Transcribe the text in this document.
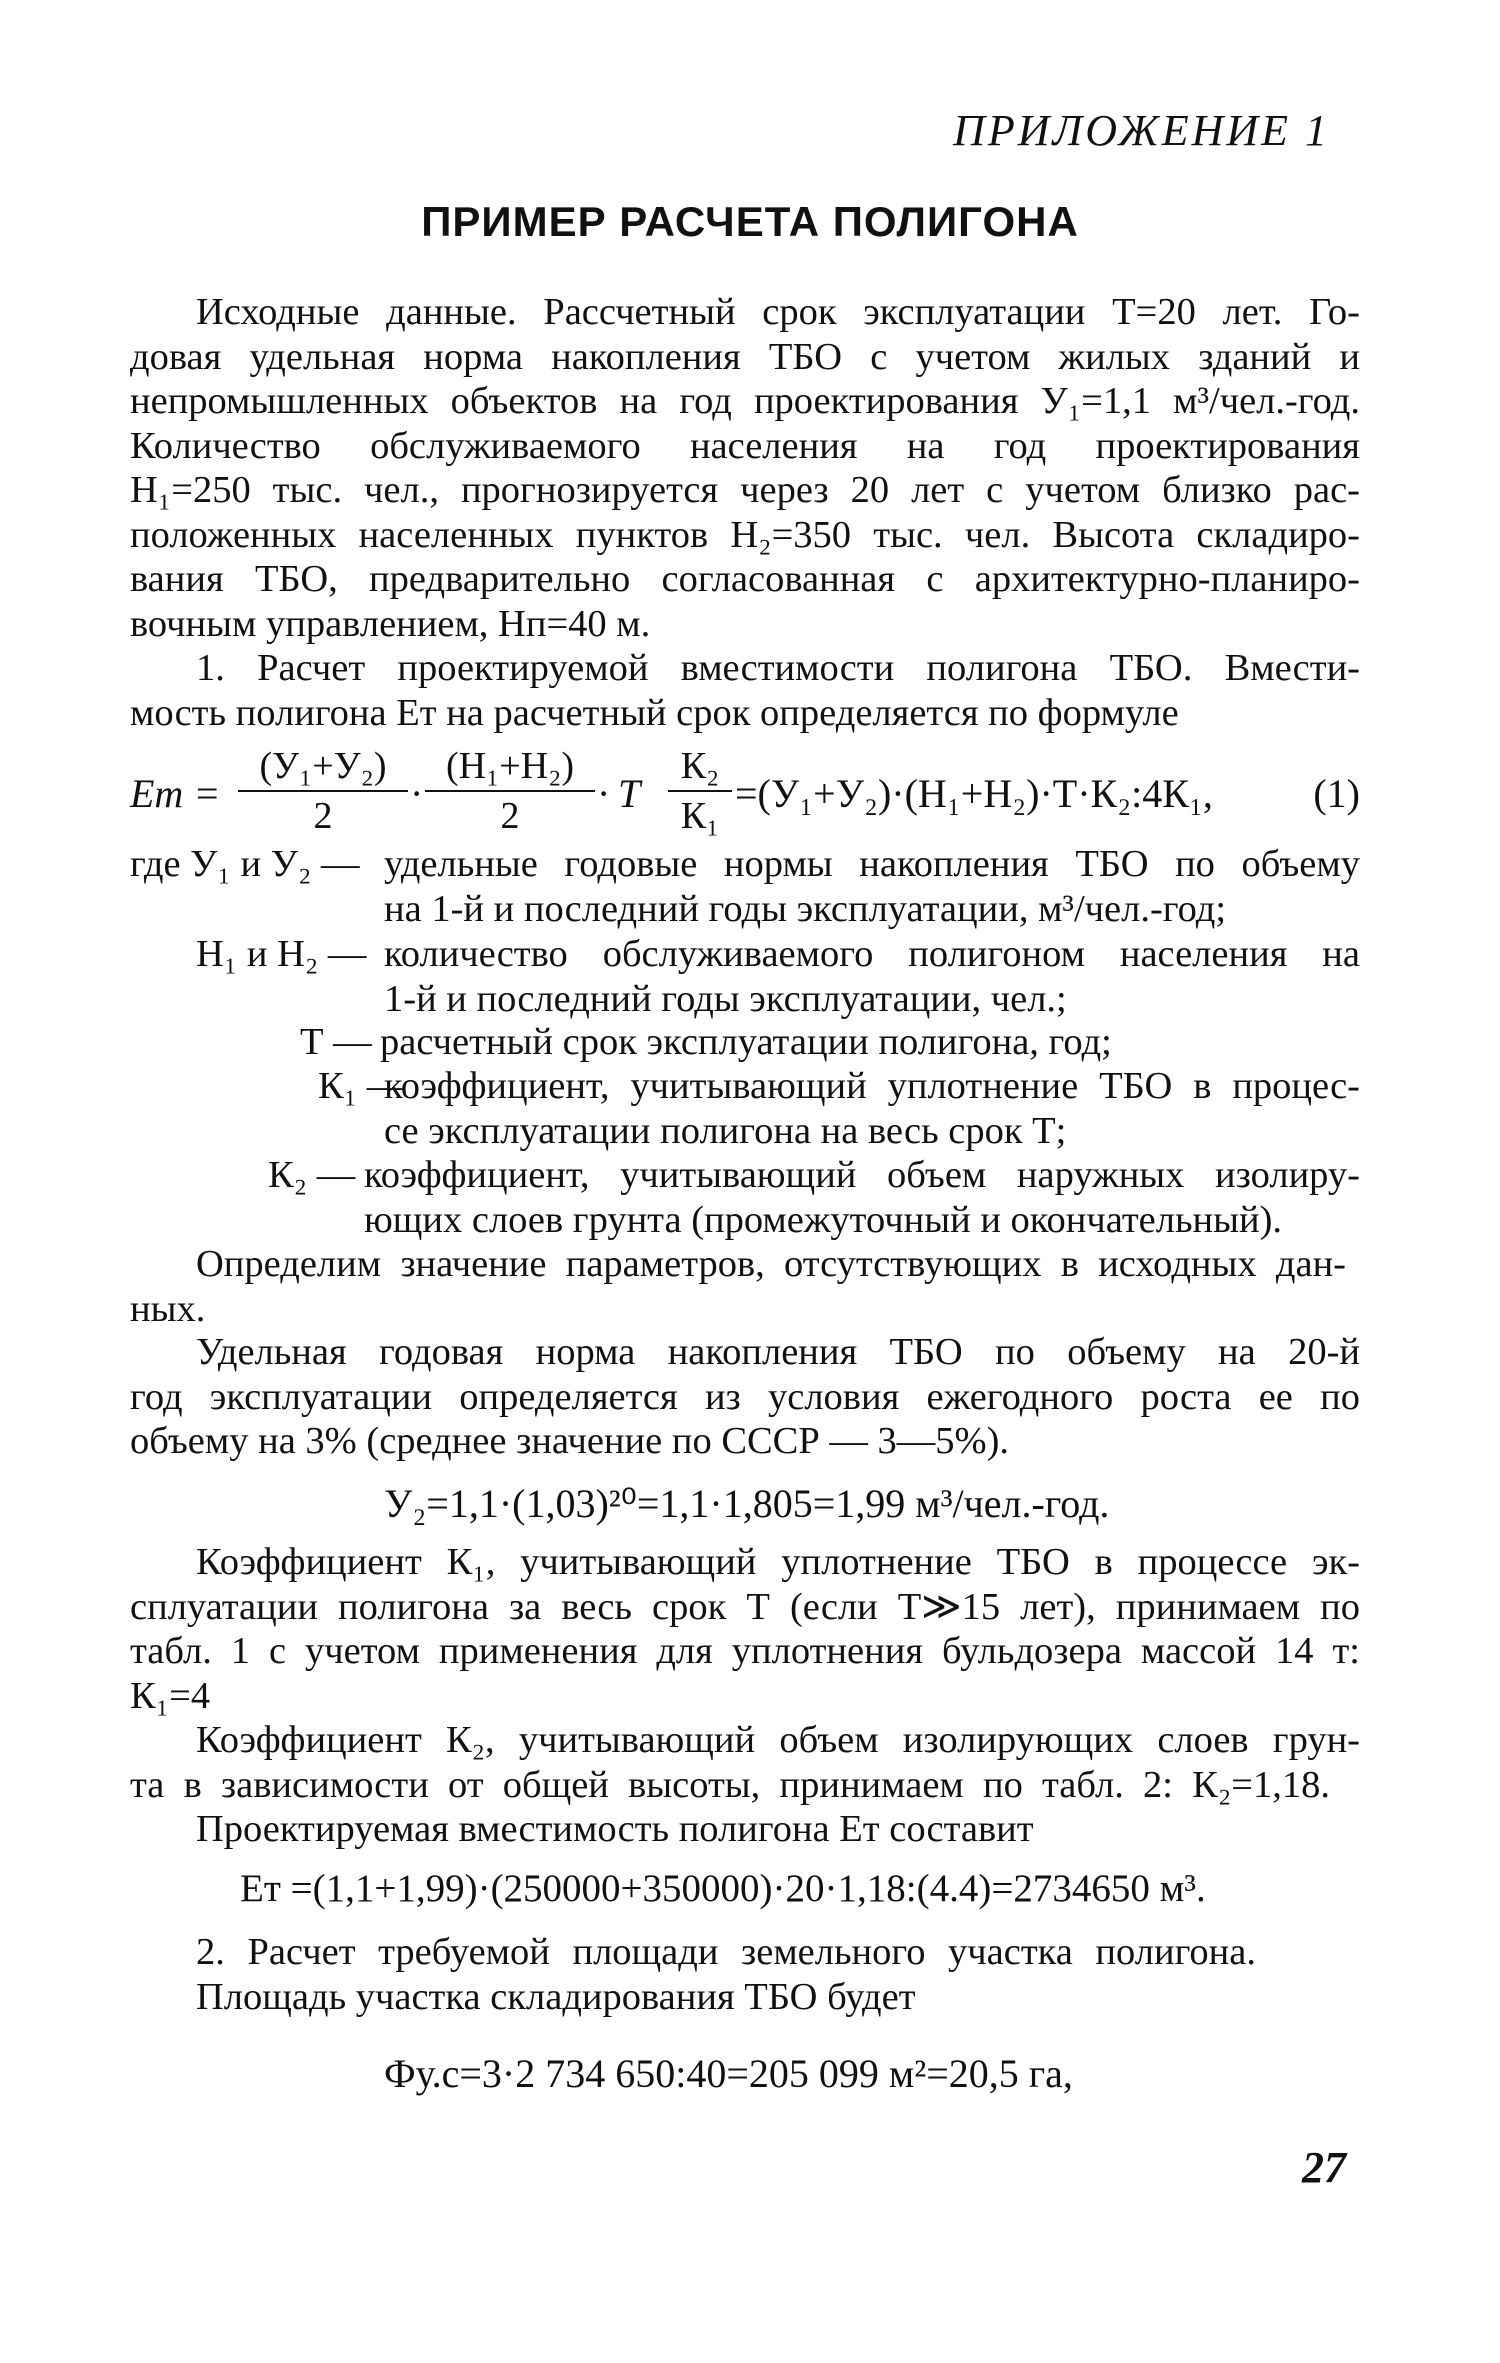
ПРИЛОЖЕНИЕ 1
ПРИМЕР РАСЧЕТА ПОЛИГОНА
Исходные данные. Рассчетный срок эксплуатации Т=20 лет. Го-
довая удельная норма накопления ТБО с учетом жилых зданий и
непромышленных объектов на год проектирования У₁=1,1 м³/чел.-год.
Количество обслуживаемого населения на год проектирования
Н₁=250 тыс. чел., прогнозируется через 20 лет с учетом близко рас-
положенных населенных пунктов Н₂=350 тыс. чел. Высота складиро-
вания ТБО, предварительно согласованная с архитектурно-планиро-
вочным управлением, Нп=40 м.
1. Расчет проектируемой вместимости полигона ТБО. Вмести-
мость полигона Ет на расчетный срок определяется по формуле
Ет =
(У₁+У₂)
2	·
(Н₁+Н₂)
2	· Т
К₂
К₁ =(У₁+У₂)·(Н₁+Н₂)·Т·К₂:4К₁,	(1)
где У₁ и У₂ — удельные годовые нормы накопления ТБО по объему
на 1-й и последний годы эксплуатации, м³/чел.-год;
Н₁ и Н₂ — количество обслуживаемого полигоном населения на
1-й и последний годы эксплуатации, чел.;
Т — расчетный срок эксплуатации полигона, год;
К₁ —
коэффициент, учитывающий уплотнение ТБО в процес-
се эксплуатации полигона на весь срок Т;
К₂ — коэффициент, учитывающий объем наружных изолиру-
ющих слоев грунта (промежуточный и окончательный).
Определим значение параметров, отсутствующих в исходных дан-
ных.
Удельная годовая норма накопления ТБО по объему на 20-й
год эксплуатации определяется из условия ежегодного роста ее по
объему на 3% (среднее значение по СССР — 3—5%).
У₂=1,1·(1,03)²⁰=1,1·1,805=1,99 м³/чел.-год.
Коэффициент К₁, учитывающий уплотнение ТБО в процессе эк-
сплуатации полигона за весь срок Т (если Т≫15 лет), принимаем по
табл. 1 с учетом применения для уплотнения бульдозера массой 14 т:
К₁=4
Коэффициент К₂, учитывающий объем изолирующих слоев грун-
та в зависимости от общей высоты, принимаем по табл. 2: К₂=1,18.
Проектируемая вместимость полигона Ет составит
Ет =(1,1+1,99)·(250000+350000)·20·1,18:(4.4)=2734650 м³.
2. Расчет требуемой площади земельного участка полигона.
Площадь участка складирования ТБО будет
Фу.с=3·2 734 650:40=205 099 м²=20,5 га,
27
